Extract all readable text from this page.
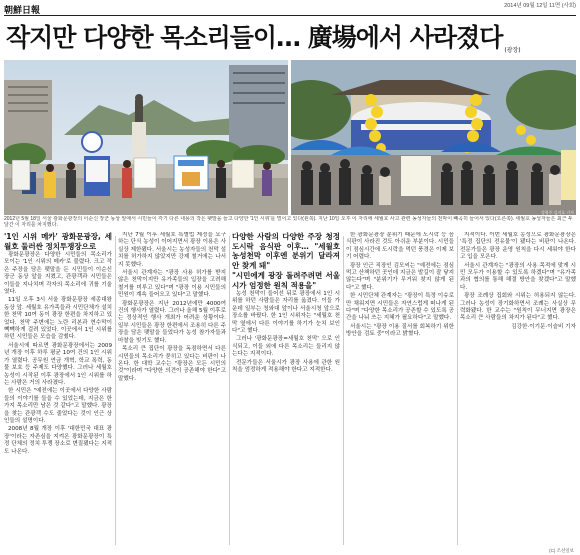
朝鮮日報	2014년 09월 12일 11면 (사회)
작지만 다양한 목소리들이… 廣場에서 사라졌다 $_{(광장)}$
성형주 김지호 기자
2012년 5월 18일 서울 광화문광장의 이순신 장군 동상 앞에서 시민들이 각기 다른 내용의 작은 팻말을 들고 다양한 '1인 시위'를 벌이고 있다(왼쪽). 지난 10일 오후 이 자리에 세월호 사고 관련 농성자들의 천막이 빼곡히 들어서 있다(오른쪽). 세월호 농성자들은 최근 두 달간 이 자리를 차지했다.

'1인 시위 메카' 광화문광장, 세월호 둘러싼 정치투쟁장으로

광화문광장은 다양한 시민들의 목소리가 모이는 '1인 시위의 메카'로 불렸다. 크고 작은 주장을 담은 팻말을 든 시민들이 이순신 장군 동상 앞을 지켰고, 관광객과 시민들은 이들을 지나치며 각자의 목소리에 귀를 기울였다.

11일 오후 3시 서울 광화문광장 세종대왕 동상 앞. 세월호 유가족들과 시민단체가 설치한 천막 10여 동이 광장 한편을 차지하고 있었다. 천막 주변에는 노란 리본과 현수막이 빽빽하게 걸려 있었다. 이곳에서 1인 시위를 하던 시민들은 모습을 감췄다.

서울시에 따르면 광화문광장에서는 2009년 개장 이후 하루 평균 10여 건의 1인 시위가 열렸다. 공무원 연금 개혁, 학교 폭력, 동물 보호 등 주제도 다양했다. 그러나 세월호 농성이 시작된 이후 광장에서 1인 시위를 하는 사람은 거의 사라졌다.

한 시민은 "예전에는 이곳에서 다양한 사람들의 이야기를 들을 수 있었는데, 지금은 한 가지 목소리만 남은 것 같다"고 말했다. 광장을 찾는 관광객 수도 줄었다는 것이 인근 상인들의 설명이다.

2008년 8월 개장 이후 '대한민국 대표 광장'이라는 자존심을 지켜온 광화문광장이 특정 단체의 정치 투쟁 장소로 변질됐다는 지적도 나온다.

지난 7월 이후 세월호 특별법 제정을 요구하는 단식 농성이 이어지면서 광장 이용은 사실상 제한됐다. 서울시는 농성자들의 천막 설치를 허가하지 않았지만 강제 철거에는 나서지 못했다.

서울시 관계자는 "광장 사용 허가를 받지 않은 천막이지만 유가족들의 입장을 고려해 철거를 미루고 있다"며 "광장 이용 시민들의 민원이 계속 들어오고 있다"고 말했다.

광화문광장은 지난 2012년에만 4000여 건의 행사가 열렸다. 그러나 올해 5월 이후로는 정상적인 행사 개최가 어려운 상황이다. 일부 시민들은 광장 한편에서 조용히 다른 주장을 담은 팻말을 들었다가 농성 참가자들과 마찰을 빚기도 했다.

목소리 큰 집단이 광장을 독점하면서 다른 시민들의 목소리가 묻히고 있다는 비판이 나온다. 한 대학 교수는 "광장은 모든 시민의 것"이라며 "다양한 의견이 공존해야 한다"고 말했다.

다양한 사람의 다양한 주장 청정 도시락 음식판 이후… "세월호 농성천막 이후엔 분위기 달라져 안 찾게 돼"

"시민에게 광장 돌려주려면 서울시가 엄정한 원칙 적용을"

농성 천막이 들어선 뒤로 광장에서 1인 시위를 하던 사람들은 자리를 옮겼다. 이들 가운데 일부는 청와대 앞이나 서울시청 앞으로 장소를 바꿨다. 한 1인 시위자는 "세월호 천막 옆에서 다른 이야기를 하기가 눈치 보인다"고 했다.

그러나 '광화문광장=세월호 천막' 으로 인식되고, 이들 외에 다른 목소리는 들리지 않는다는 지적이다.

전문가들은 서울시가 광장 사용에 관한 원칙을 엄정하게 적용해야 한다고 지적한다.

한 광화문광장 분위기 때문에 도시락 등 음식판이 사라진 것도 아쉬운 부분이다. 시민들이 점심시간에 도시락을 먹던 풍경은 이제 보기 어렵다.

광장 인근 직장인 김모씨는 "예전에는 점심 먹고 산책하던 곳인데 지금은 발길이 잘 닿지 않는다"며 "분위기가 무거워 찾지 않게 된다"고 했다.

한 시민단체 관계자는 "광장이 특정 이슈로만 채워지면 시민들은 자연스럽게 떠나게 된다"며 "다양한 목소리가 공존할 수 있도록 공간을 나눠 쓰는 지혜가 필요하다"고 말했다.

서울시는 "광장 이용 질서를 회복하기 위한 방안을 검토 중"이라고 밝혔다.

지적이다. 이번 세월호 농성으로 광화문광장은 '특정 집단의 전유물'이 됐다는 비판이 나온다. 전문가들은 광장 운영 원칙을 다시 세워야 한다고 입을 모은다.

서울시 관계자는 "광장의 사용 목적에 맞게 시민 모두가 이용할 수 있도록 하겠다"며 "유가족과의 협의를 통해 해결 방안을 찾겠다"고 말했다.

광장 조례상 집회와 시위는 허용되지 않는다. 그러나 농성이 장기화하면서 조례는 사실상 무력화됐다. 한 교수는 "원칙이 무너지면 광장은 목소리 큰 사람들의 차지가 된다"고 했다.

김강한·이기문·이슬비 기자

(C) 조선일보
